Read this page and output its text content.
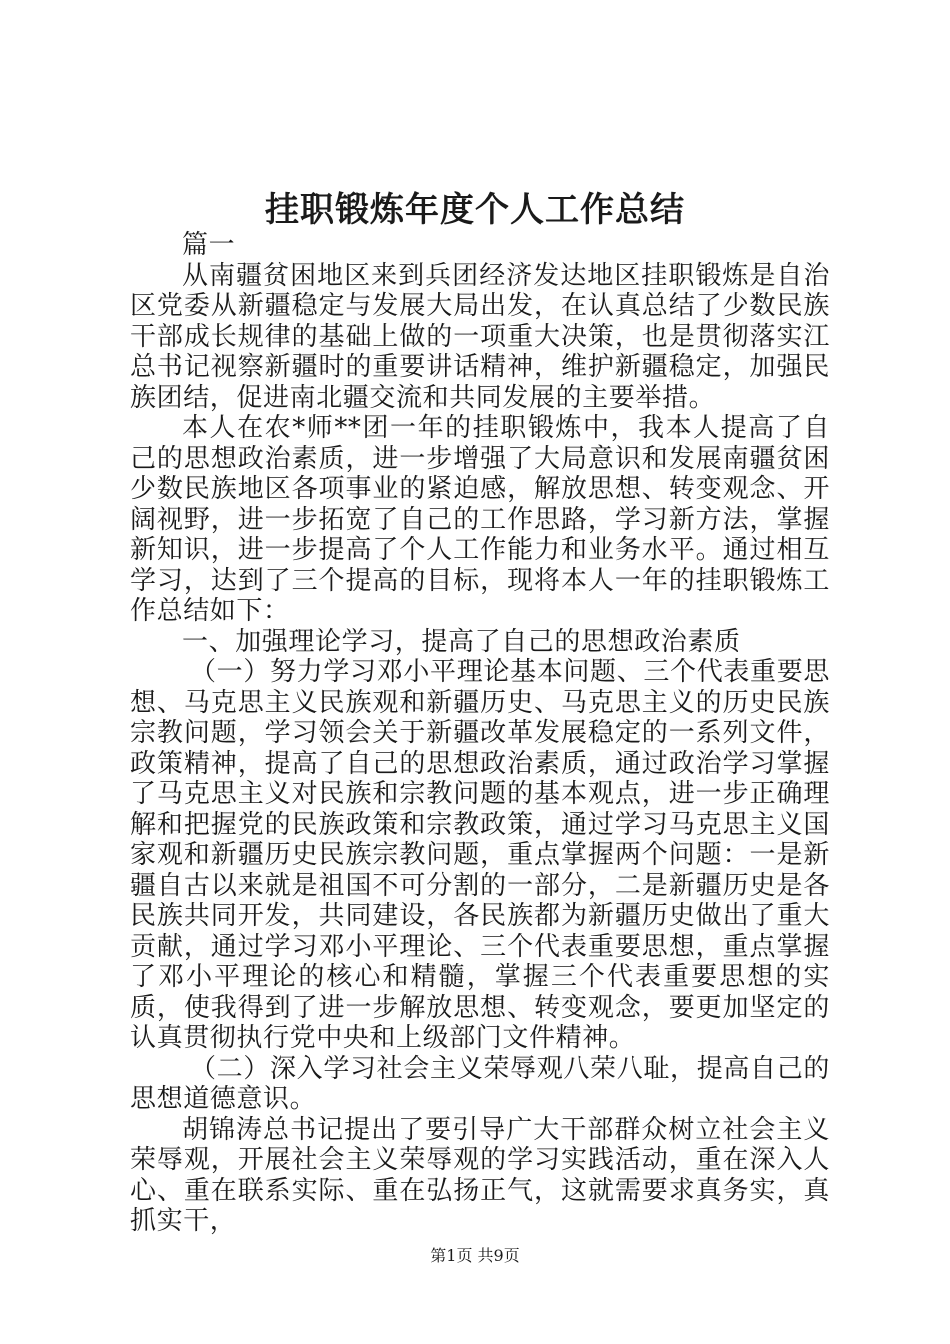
挂职锻炼年度个人工作总结

篇一

从南疆贫困地区来到兵团经济发达地区挂职锻炼是自治区党委从新疆稳定与发展大局出发，在认真总结了少数民族干部成长规律的基础上做的一项重大决策，也是贯彻落实江总书记视察新疆时的重要讲话精神，维护新疆稳定，加强民族团结，促进南北疆交流和共同发展的主要举措。

本人在农*师**团一年的挂职锻炼中，我本人提高了自己的思想政治素质，进一步增强了大局意识和发展南疆贫困少数民族地区各项事业的紧迫感，解放思想、转变观念、开阔视野，进一步拓宽了自己的工作思路，学习新方法，掌握新知识，进一步提高了个人工作能力和业务水平。通过相互学习，达到了三个提高的目标，现将本人一年的挂职锻炼工作总结如下：

一、加强理论学习，提高了自己的思想政治素质

（一）努力学习邓小平理论基本问题、三个代表重要思想、马克思主义民族观和新疆历史、马克思主义的历史民族宗教问题，学习领会关于新疆改革发展稳定的一系列文件，政策精神，提高了自己的思想政治素质，通过政治学习掌握了马克思主义对民族和宗教问题的基本观点，进一步正确理解和把握党的民族政策和宗教政策，通过学习马克思主义国家观和新疆历史民族宗教问题，重点掌握两个问题：一是新疆自古以来就是祖国不可分割的一部分，二是新疆历史是各民族共同开发，共同建设，各民族都为新疆历史做出了重大贡献，通过学习邓小平理论、三个代表重要思想，重点掌握了邓小平理论的核心和精髓，掌握三个代表重要思想的实质，使我得到了进一步解放思想、转变观念，要更加坚定的认真贯彻执行党中央和上级部门文件精神。

（二）深入学习社会主义荣辱观八荣八耻，提高自己的思想道德意识。

胡锦涛总书记提出了要引导广大干部群众树立社会主义荣辱观，开展社会主义荣辱观的学习实践活动，重在深入人心、重在联系实际、重在弘扬正气，这就需要求真务实，真抓实干，

第1页 共9页
